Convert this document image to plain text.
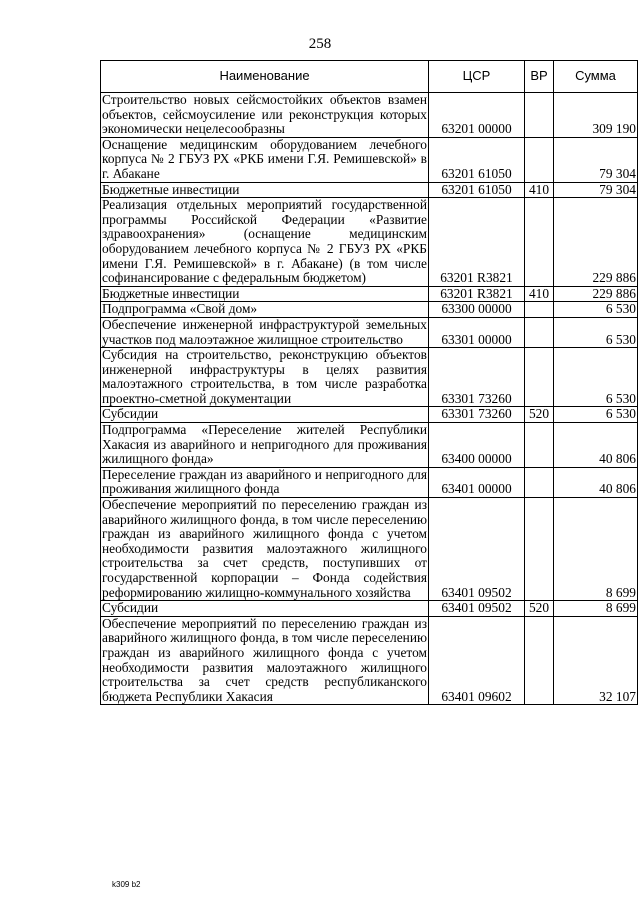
258
Наименование	ЦСР	ВР	Сумма
Строительство новых сейсмостойких объектов взамен объектов, сейсмоусиление или реконструкция которых экономически нецелесообразны	63201 00000		309 190
Оснащение медицинским оборудованием лечебного корпуса № 2 ГБУЗ РХ «РКБ имени Г.Я. Ремишевской» в г. Абакане	63201 61050		79 304
Бюджетные инвестиции	63201 61050	410	79 304
Реализация отдельных мероприятий государственной программы Российской Федерации «Развитие здравоохранения» (оснащение медицинским оборудованием лечебного корпуса № 2 ГБУЗ РХ «РКБ имени Г.Я. Ремишевской» в г. Абакане) (в том числе софинансирование с федеральным бюджетом)	63201 R3821		229 886
Бюджетные инвестиции	63201 R3821	410	229 886
Подпрограмма «Свой дом»	63300 00000		6 530
Обеспечение инженерной инфраструктурой земельных участков под малоэтажное жилищное строительство	63301 00000		6 530
Субсидия на строительство, реконструкцию объектов инженерной инфраструктуры в целях развития малоэтажного строительства, в том числе разработка проектно-сметной документации	63301 73260		6 530
Субсидии	63301 73260	520	6 530
Подпрограмма «Переселение жителей Республики Хакасия из аварийного и непригодного для проживания жилищного фонда»	63400 00000		40 806
Переселение граждан из аварийного и непригодного для проживания жилищного фонда	63401 00000		40 806
Обеспечение мероприятий по переселению граждан из аварийного жилищного фонда, в том числе переселению граждан из аварийного жилищного фонда с учетом необходимости развития малоэтажного жилищного строительства за счет средств, поступивших от государственной корпорации – Фонда содействия реформированию жилищно-коммунального хозяйства	63401 09502		8 699
Субсидии	63401 09502	520	8 699
Обеспечение мероприятий по переселению граждан из аварийного жилищного фонда, в том числе переселению граждан из аварийного жилищного фонда с учетом необходимости развития малоэтажного жилищного строительства за счет средств республиканского бюджета Республики Хакасия	63401 09602		32 107
k309 b2
